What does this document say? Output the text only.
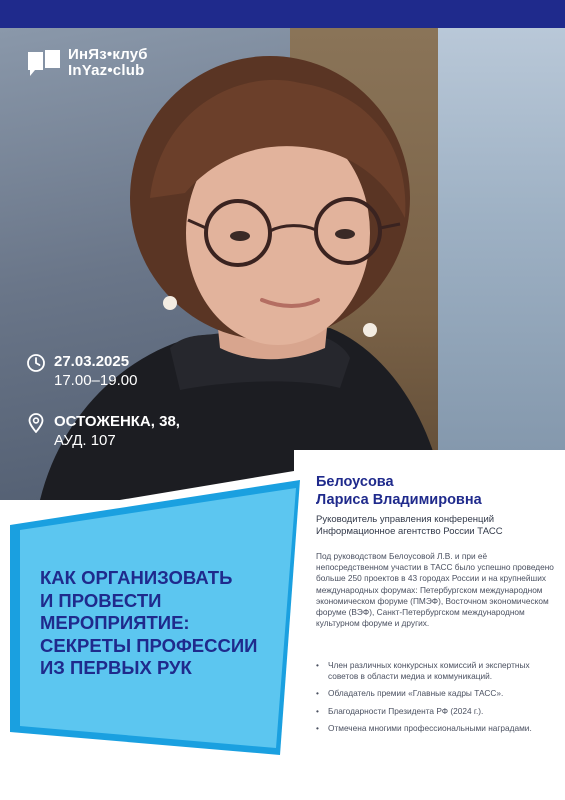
ИнЯз•клуб
InYaz•club
27.03.2025
17.00–19.00
ОСТОЖЕНКА, 38,
АУД. 107
КАК ОРГАНИЗОВАТЬ
И ПРОВЕСТИ
МЕРОПРИЯТИЕ:
СЕКРЕТЫ ПРОФЕССИИ
ИЗ ПЕРВЫХ РУК
Белоусова
Лариса Владимировна
Руководитель управления конференций
Информационное агентство России ТАСС
Под руководством Белоусовой Л.В. и при её непосредственном участии в ТАСС было успешно проведено больше 250 проектов в 43 городах России и на крупнейших международных форумах: Петербургском международном экономическом форуме (ПМЭФ), Восточном экономическом форуме (ВЭФ), Санкт-Петербургском международном культурном форуме и других.
• Член различных конкурсных комиссий и экспертных советов в области медиа и коммуникаций.
• Обладатель премии «Главные кадры ТАСС».
• Благодарности Президента РФ (2024 г.).
• Отмечена многими профессиональными наградами.
